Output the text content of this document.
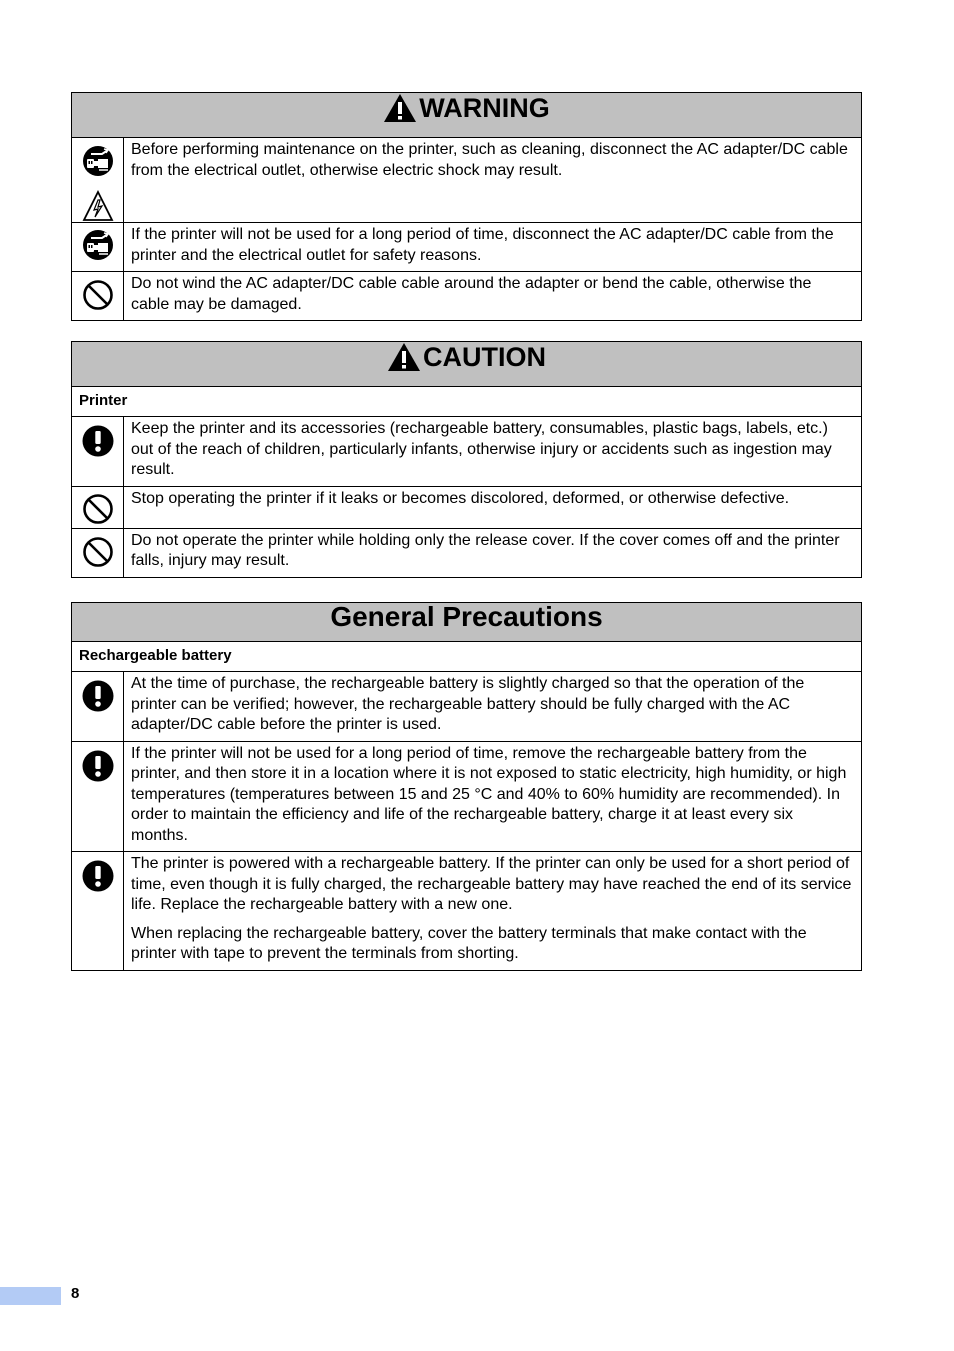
WARNING	

Before performing maintenance on the printer, such as cleaning, disconnect the AC adapter/DC cable from the electrical outlet, otherwise electric shock may result.

If the printer will not be used for a long period of time, disconnect the AC adapter/DC cable from the printer and the electrical outlet for safety reasons.

Do not wind the AC adapter/DC cable cable around the adapter or bend the cable, otherwise the cable may be damaged.

CAUTION	

Printer	

Keep the printer and its accessories (rechargeable battery, consumables, plastic bags, labels, etc.) out of the reach of children, particularly infants, otherwise injury or accidents such as ingestion may result.

Stop operating the printer if it leaks or becomes discolored, deformed, or otherwise defective.

Do not operate the printer while holding only the release cover. If the cover comes off and the printer falls, injury may result.

General Precautions	
Rechargeable battery	

At the time of purchase, the rechargeable battery is slightly charged so that the operation of the printer can be verified; however, the rechargeable battery should be fully charged with the AC adapter/DC cable before the printer is used.

If the printer will not be used for a long period of time, remove the rechargeable battery from the printer, and then store it in a location where it is not exposed to static electricity, high humidity, or high temperatures (temperatures between 15 and 25 °C and 40% to 60% humidity are recommended). In order to maintain the efficiency and life of the rechargeable battery, charge it at least every six months.

The printer is powered with a rechargeable battery. If the printer can only be used for a short period of time, even though it is fully charged, the rechargeable battery may have reached the end of its service life. Replace the rechargeable battery with a new one.

When replacing the rechargeable battery, cover the battery terminals that make contact with the printer with tape to prevent the terminals from shorting.

8
